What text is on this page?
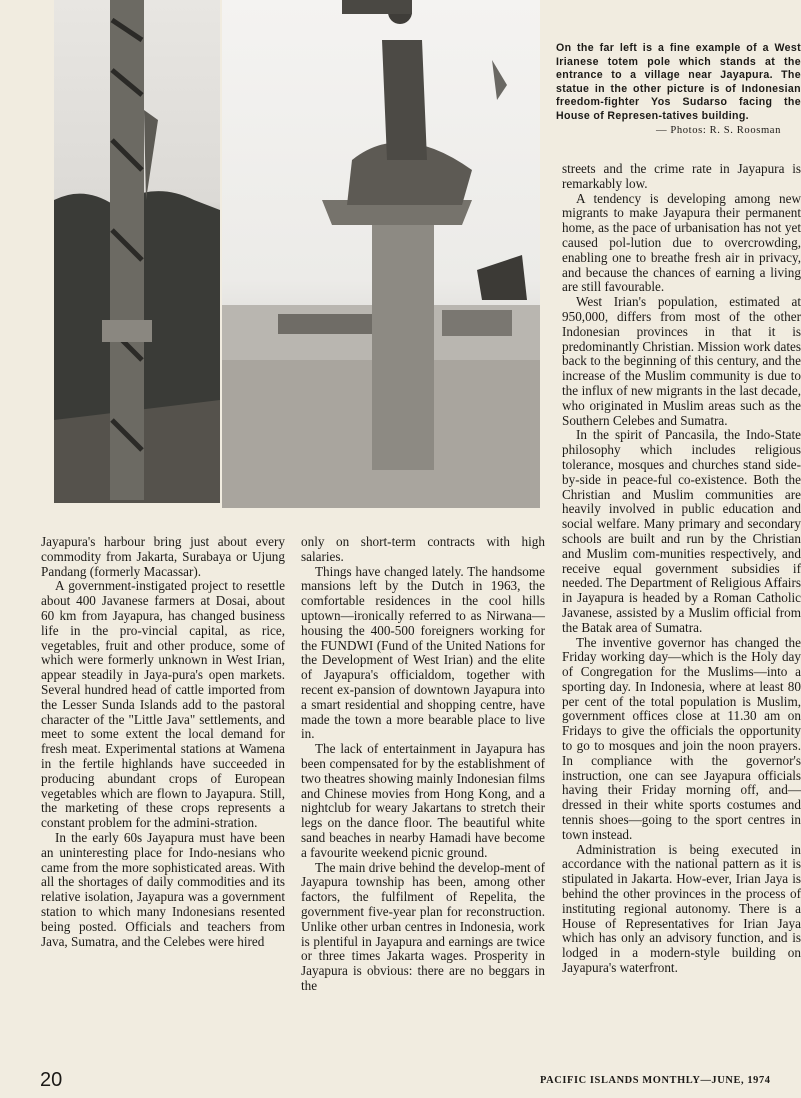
On the far left is a fine example of a West Irianese totem pole which stands at the entrance to a village near Jayapura. The statue in the other picture is of Indonesian freedom-fighter Yos Sudarso facing the House of Represen-tatives building.
— Photos: R. S. Roosman

Jayapura's harbour bring just about every commodity from Jakarta, Surabaya or Ujung Pandang (formerly Macassar).

A government-instigated project to resettle about 400 Javanese farmers at Dosai, about 60 km from Jayapura, has changed business life in the pro-vincial capital, as rice, vegetables, fruit and other produce, some of which were formerly unknown in West Irian, appear steadily in Jaya-pura's open markets. Several hundred head of cattle imported from the Lesser Sunda Islands add to the pastoral character of the "Little Java" settlements, and meet to some extent the local demand for fresh meat. Experimental stations at Wamena in the fertile highlands have succeeded in producing abundant crops of European vegetables which are flown to Jayapura. Still, the marketing of these crops represents a constant problem for the admini-stration.

In the early 60s Jayapura must have been an uninteresting place for Indo-nesians who came from the more sophisticated areas. With all the shortages of daily commodities and its relative isolation, Jayapura was a government station to which many Indonesians resented being posted. Officials and teachers from Java, Sumatra, and the Celebes were hired

only on short-term contracts with high salaries.

Things have changed lately. The handsome mansions left by the Dutch in 1963, the comfortable residences in the cool hills uptown—ironically referred to as Nirwana—housing the 400-500 foreigners working for the FUNDWI (Fund of the United Nations for the Development of West Irian) and the elite of Jayapura's officialdom, together with recent ex-pansion of downtown Jayapura into a smart residential and shopping centre, have made the town a more bearable place to live in.

The lack of entertainment in Jayapura has been compensated for by the establishment of two theatres showing mainly Indonesian films and Chinese movies from Hong Kong, and a nightclub for weary Jakartans to stretch their legs on the dance floor. The beautiful white sand beaches in nearby Hamadi have become a favourite weekend picnic ground.

The main drive behind the develop-ment of Jayapura township has been, among other factors, the fulfilment of Repelita, the government five-year plan for reconstruction. Unlike other urban centres in Indonesia, work is plentiful in Jayapura and earnings are twice or three times Jakarta wages. Prosperity in Jayapura is obvious: there are no beggars in the

streets and the crime rate in Jayapura is remarkably low.

A tendency is developing among new migrants to make Jayapura their permanent home, as the pace of urbanisation has not yet caused pol-lution due to overcrowding, enabling one to breathe fresh air in privacy, and because the chances of earning a living are still favourable.

West Irian's population, estimated at 950,000, differs from most of the other Indonesian provinces in that it is predominantly Christian. Mission work dates back to the beginning of this century, and the increase of the Muslim community is due to the influx of new migrants in the last decade, who originated in Muslim areas such as the Southern Celebes and Sumatra.

In the spirit of Pancasila, the Indo-State philosophy which includes religious tolerance, mosques and churches stand side-by-side in peace-ful co-existence. Both the Christian and Muslim communities are heavily involved in public education and social welfare. Many primary and secondary schools are built and run by the Christian and Muslim com-munities respectively, and receive equal government subsidies if needed. The Department of Religious Affairs in Jayapura is headed by a Roman Catholic Javanese, assisted by a Muslim official from the Batak area of Sumatra.

The inventive governor has changed the Friday working day—which is the Holy day of Congregation for the Muslims—into a sporting day. In Indonesia, where at least 80 per cent of the total population is Muslim, government offices close at 11.30 am on Fridays to give the officials the opportunity to go to mosques and join the noon prayers. In compliance with the governor's instruction, one can see Jayapura officials having their Friday morning off, and—dressed in their white sports costumes and tennis shoes—going to the sport centres in town instead.

Administration is being executed in accordance with the national pattern as it is stipulated in Jakarta. How-ever, Irian Jaya is behind the other provinces in the process of instituting regional autonomy. There is a House of Representatives for Irian Jaya which has only an advisory function, and is lodged in a modern-style building on Jayapura's waterfront.

20	PACIFIC ISLANDS MONTHLY—JUNE, 1974
